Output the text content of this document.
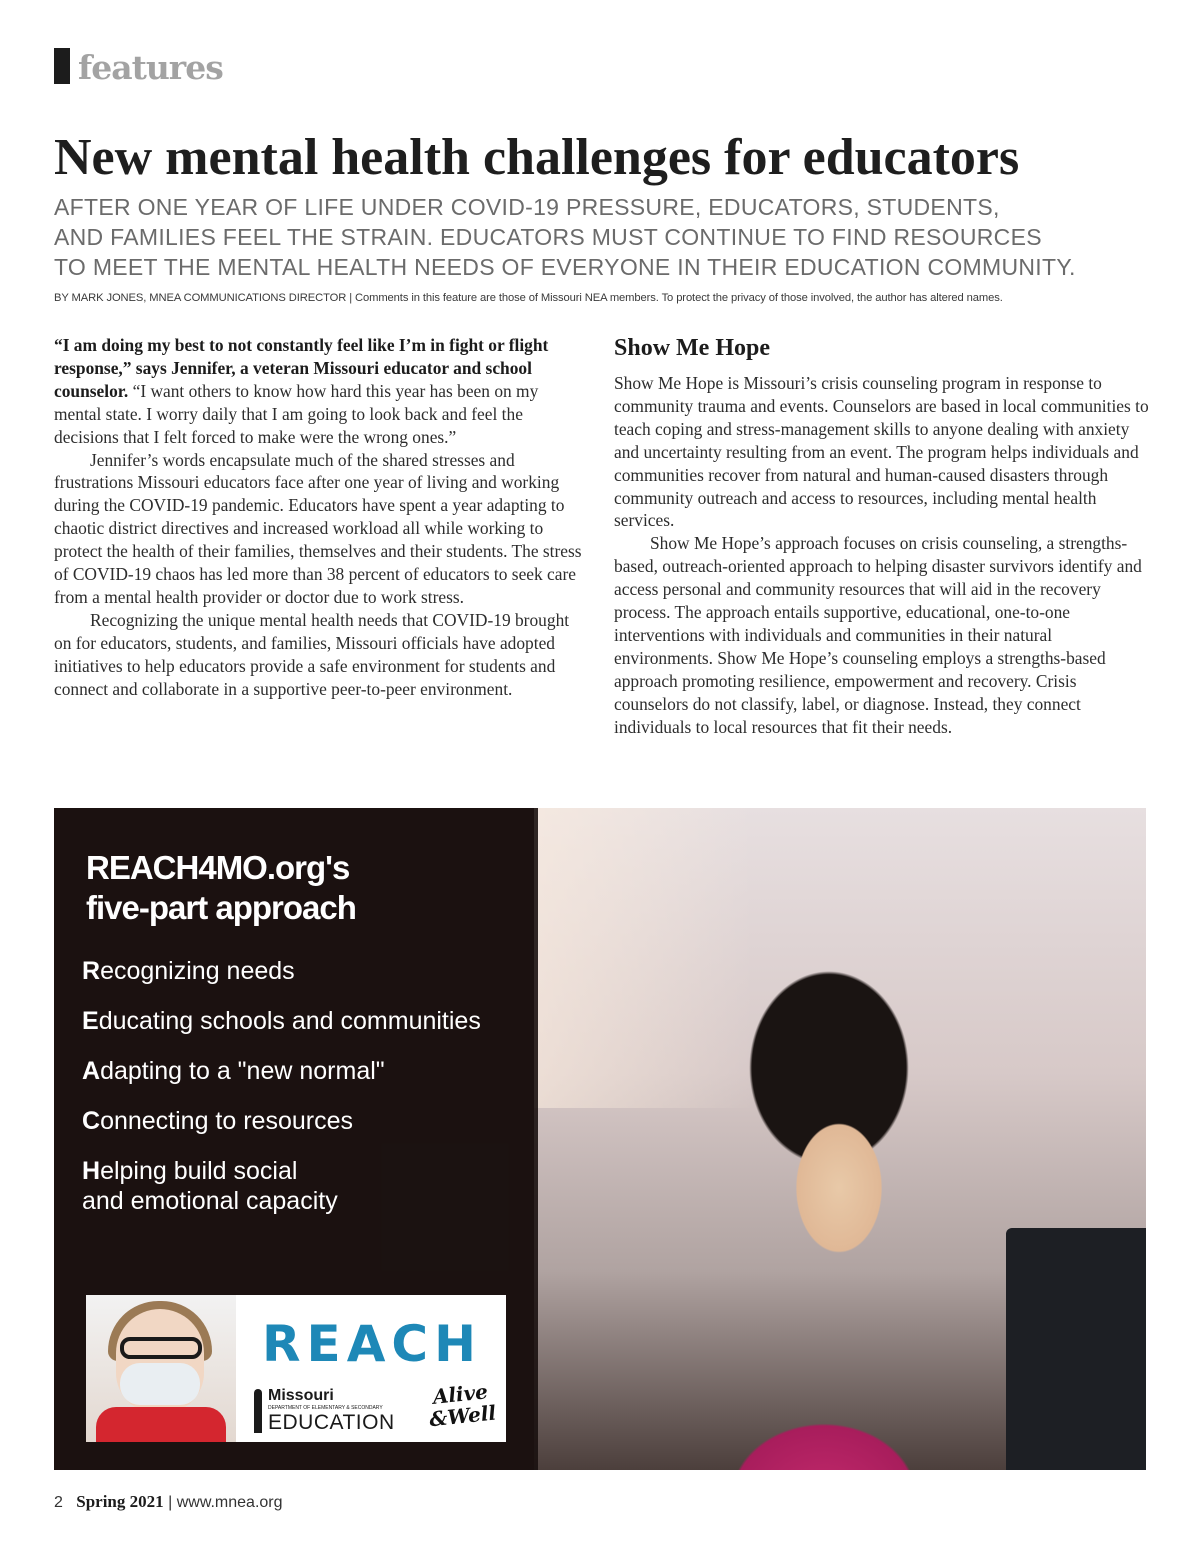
features
New mental health challenges for educators
AFTER ONE YEAR OF LIFE UNDER COVID-19 PRESSURE, EDUCATORS, STUDENTS,
AND FAMILIES FEEL THE STRAIN. EDUCATORS MUST CONTINUE TO FIND RESOURCES
TO MEET THE MENTAL HEALTH NEEDS OF EVERYONE IN THEIR EDUCATION COMMUNITY.
BY MARK JONES, MNEA COMMUNICATIONS DIRECTOR | Comments in this feature are those of Missouri NEA members. To protect the privacy of those involved, the author has altered names.

“I am doing my best to not constantly feel like I’m in fight or flight response,” says Jennifer, a veteran Missouri educator and school counselor. “I want others to know how hard this year has been on my mental state. I worry daily that I am going to look back and feel the decisions that I felt forced to make were the wrong ones.”

Jennifer’s words encapsulate much of the shared stresses and frustrations Missouri educators face after one year of living and working during the COVID-19 pandemic. Educators have spent a year adapting to chaotic district directives and increased workload all while working to protect the health of their families, themselves and their students. The stress of COVID-19 chaos has led more than 38 percent of educators to seek care from a mental health provider or doctor due to work stress.

Recognizing the unique mental health needs that COVID-19 brought on for educators, students, and families, Missouri officials have adopted initiatives to help educators provide a safe environment for students and connect and collaborate in a supportive peer-to-peer environment.

Show Me Hope

Show Me Hope is Missouri’s crisis counseling program in response to community trauma and events. Counselors are based in local communities to teach coping and stress-management skills to anyone dealing with anxiety and uncertainty resulting from an event. The program helps individuals and communities recover from natural and human-caused disasters through community outreach and access to resources, including mental health services.

Show Me Hope’s approach focuses on crisis counseling, a strengths-based, outreach-oriented approach to helping disaster survivors identify and access personal and community resources that will aid in the recovery process. The approach entails supportive, educational, one-to-one interventions with individuals and communities in their natural environments. Show Me Hope’s counseling employs a strengths-based approach promoting resilience, empowerment and recovery. Crisis counselors do not classify, label, or diagnose. Instead, they connect individuals to local resources that fit their needs.

REACH4MO.org's
five-part approach
Recognizing needs
Educating schools and communities
Adapting to a "new normal"
Connecting to resources
Helping build social
and emotional capacity
REACH
Missouri
DEPARTMENT OF ELEMENTARY & SECONDARY
EDUCATION
Alive
&Well
2 Spring 2021 | www.mnea.org
